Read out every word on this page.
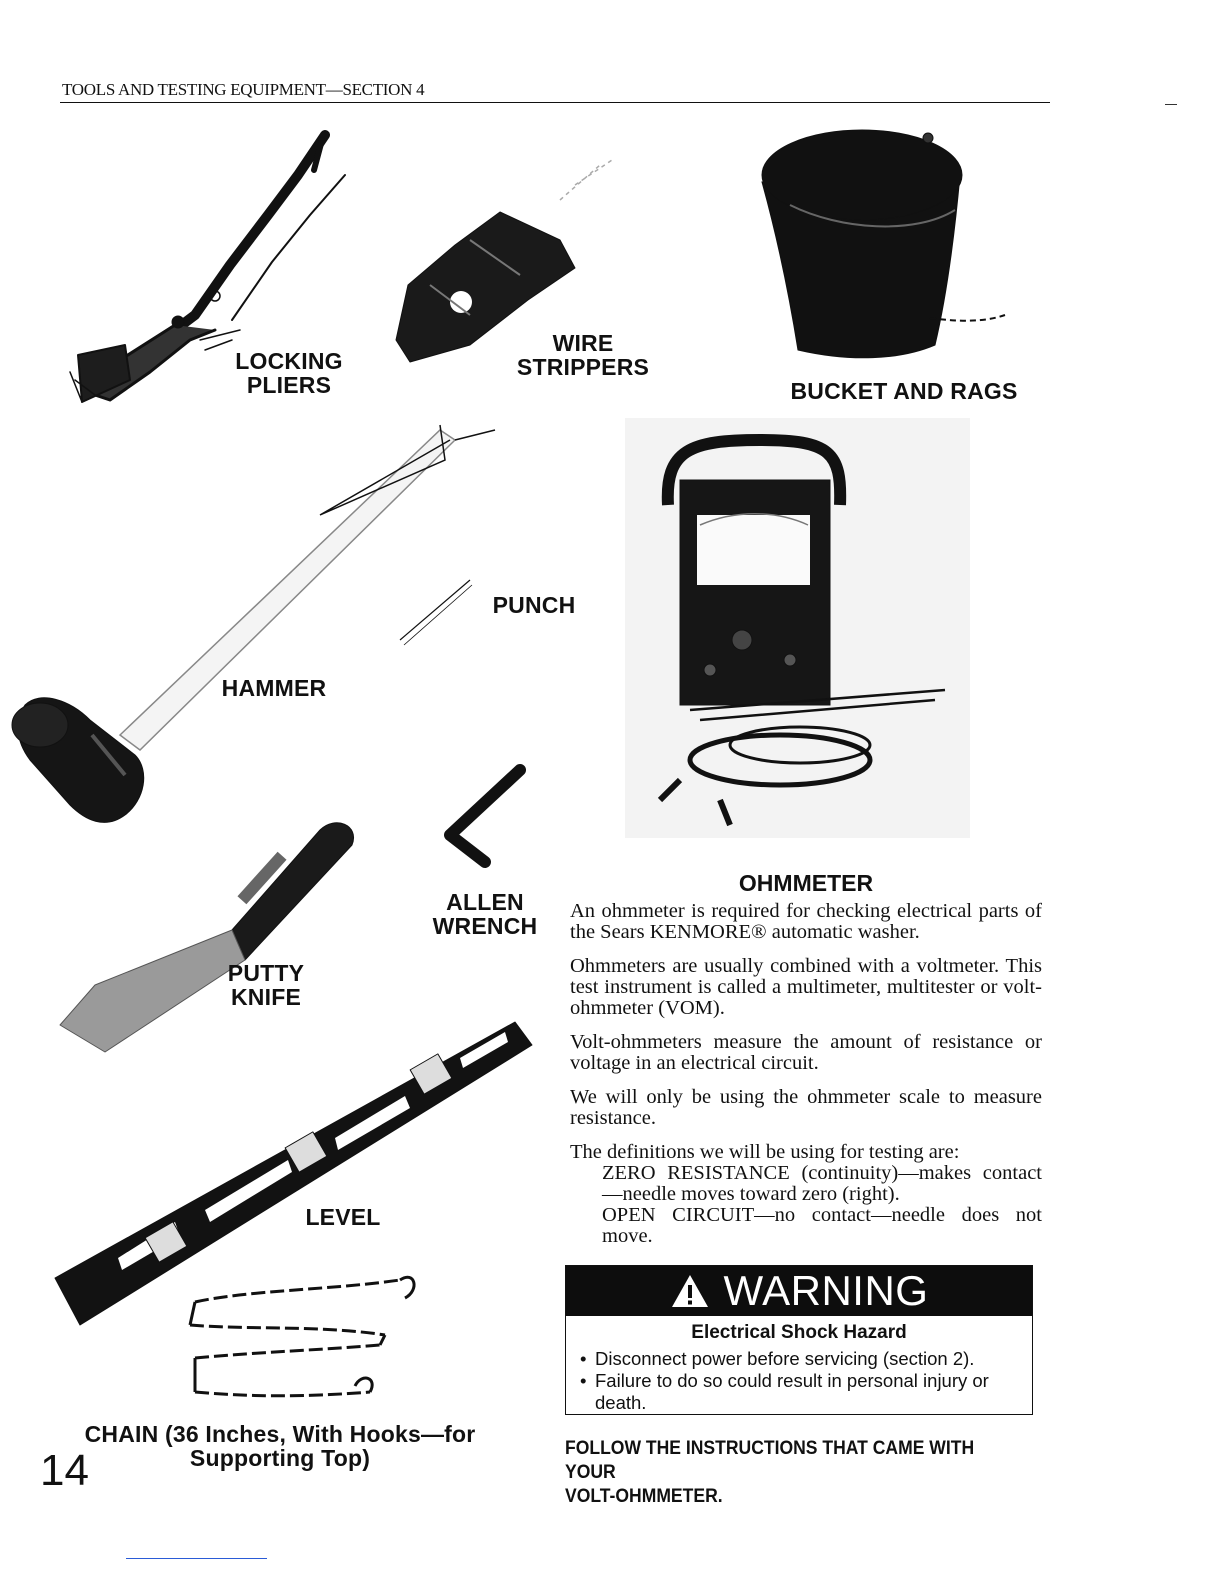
TOOLS AND TESTING EQUIPMENT—SECTION 4
LOCKING
PLIERS
WIRE
STRIPPERS
BUCKET AND RAGS
PUNCH
HAMMER
ALLEN
WRENCH
PUTTY
KNIFE
LEVEL
CHAIN (36 Inches, With Hooks—for
Supporting Top)
OHMMETER

An ohmmeter is required for checking electrical parts of the Sears KENMORE® automatic washer.

Ohmmeters are usually combined with a voltmeter. This test instrument is called a multimeter, multitester or volt-ohmmeter (VOM).

Volt-ohmmeters measure the amount of resistance or voltage in an electrical circuit.

We will only be using the ohmmeter scale to measure resistance.

The definitions we will be using for testing are:

ZERO RESISTANCE (continuity)—makes contact—needle moves toward zero (right).

OPEN CIRCUIT—no contact—needle does not move.

WARNING
Electrical Shock Hazard
• Disconnect power before servicing (section 2).
• Failure to do so could result in personal injury or death.
FOLLOW THE INSTRUCTIONS THAT CAME WITH YOUR
VOLT-OHMMETER.
14
